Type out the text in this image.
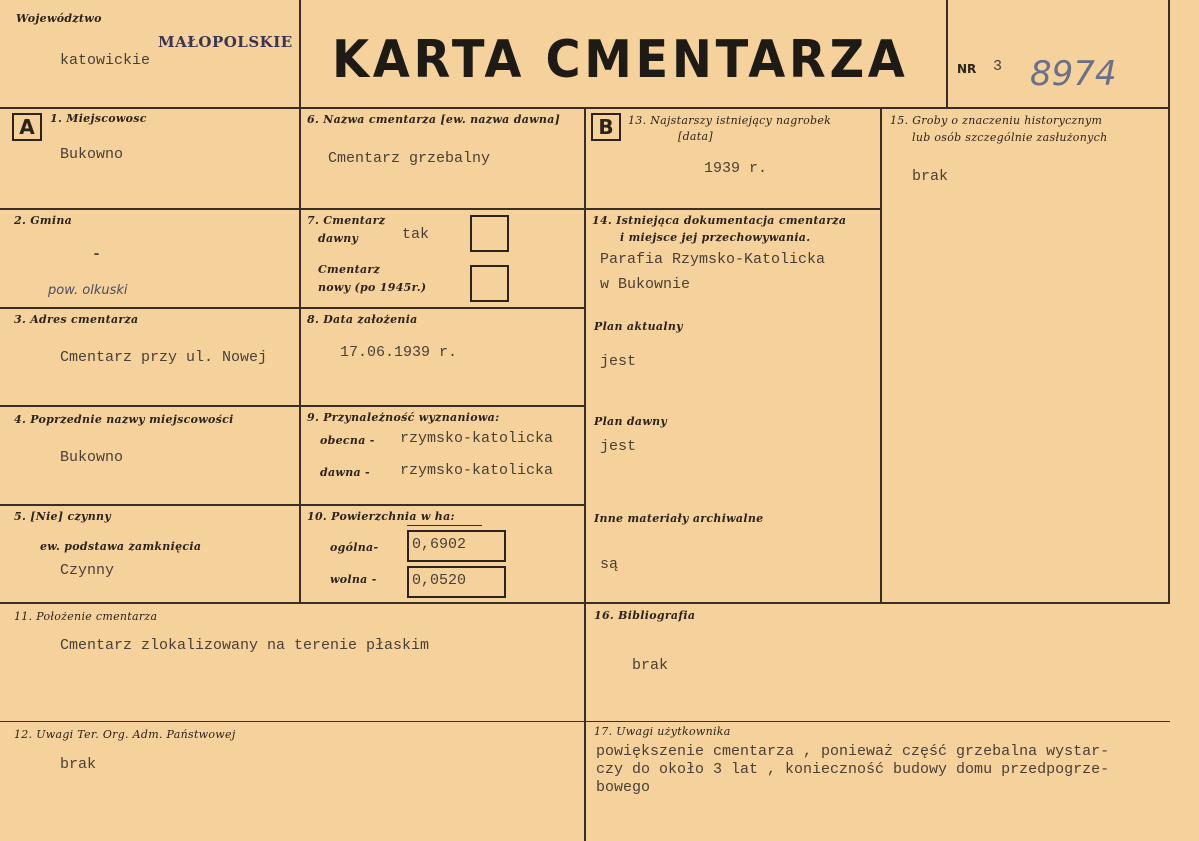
Województwo
katowickie
MAŁOPOLSKIE KARTA CMENTARZA	NR 3 8974
A	B
1. Miejscowosc
Bukowno
2. Gmina
-
pow. olkuski
3. Adres cmentarza
Cmentarz przy ul. Nowej
4. Poprzednie nazwy miejscowości
Bukowno
5. [Nie] czynny
ew. podstawa zamknięcia
Czynny
6. Nazwa cmentarza [ew. nazwa dawna]
Cmentarz grzebalny
7. Cmentarz
dawny	tak
Cmentarz
nowy (po 1945r.)
8. Data założenia
17.06.1939 r.
9. Przynależność wyznaniowa:
obecna - rzymsko-katolicka
dawna - rzymsko-katolicka
10. Powierzchnia w ha:
ogólna- 0,6902
wolna - 0,0520
13. Najstarszy istniejący nagrobek
[data]
1939 r.
14. Istniejąca dokumentacja cmentarza
i miejsce jej przechowywania.
Parafia Rzymsko-Katolicka
w Bukownie
Plan aktualny
jest
Plan dawny
jest
Inne materiały archiwalne
są
15. Groby o znaczeniu historycznym
lub osób szczególnie zasłużonych
brak
11. Położenie cmentarza
Cmentarz zlokalizowany na terenie płaskim
16. Bibliografia
brak
12. Uwagi Ter. Org. Adm. Państwowej
brak
17. Uwagi użytkownika
powiększenie cmentarza , ponieważ część grzebalna wystar-
czy do około 3 lat , konieczność budowy domu przedpogrze-
bowego
